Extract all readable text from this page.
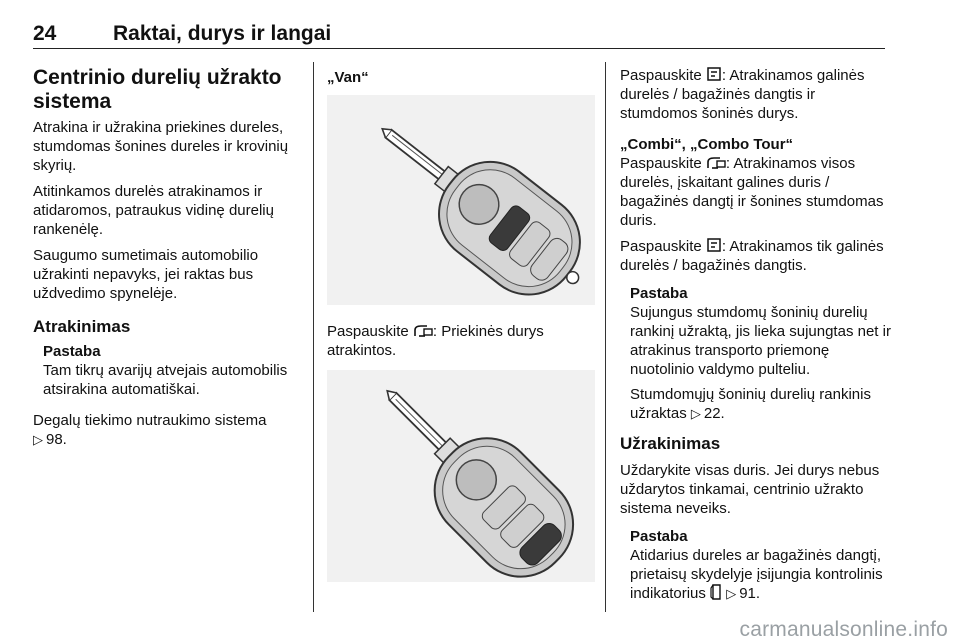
24	Raktai, durys ir langai
Centrinio durelių užrakto sistema
Atrakina ir užrakina priekines dureles, stumdomas šonines dureles ir krovinių skyrių.
Atitinkamos durelės atrakinamos ir atidaromos, patraukus vidinę durelių rankenėlę.
Saugumo sumetimais automobilio užrakinti nepavyks, jei raktas bus uždvedimo spynelėje.
Atrakinimas
Pastaba
Tam tikrų avarijų atvejais automobilis atsirakina automatiškai.
Degalų tiekimo nutraukimo sistema
▷ 98.
„Van“
Paspauskite : Priekinės durys atrakintos.
Paspauskite : Atrakinamos galinės durelės / bagažinės dangtis ir stumdomos šoninės durys.
„Combi“, „Combo Tour“
Paspauskite : Atrakinamos visos durelės, įskaitant galines duris / bagažinės dangtį ir šonines stumdomas duris.
Paspauskite : Atrakinamos tik galinės durelės / bagažinės dangtis.
Pastaba
Sujungus stumdomų šoninių durelių rankinį užraktą, jis lieka sujungtas net ir atrakinus transporto priemonę nuotolinio valdymo pulteliu.
Stumdomųjų šoninių durelių rankinis užraktas ▷ 22.
Užrakinimas
Uždarykite visas duris. Jei durys nebus uždarytos tinkamai, centrinio užrakto sistema neveiks.
Pastaba
Atidarius dureles ar bagažinės dangtį, prietaisų skydelyje įsijungia kontrolinis indikatorius ▷ 91.
carmanualsonline.info
